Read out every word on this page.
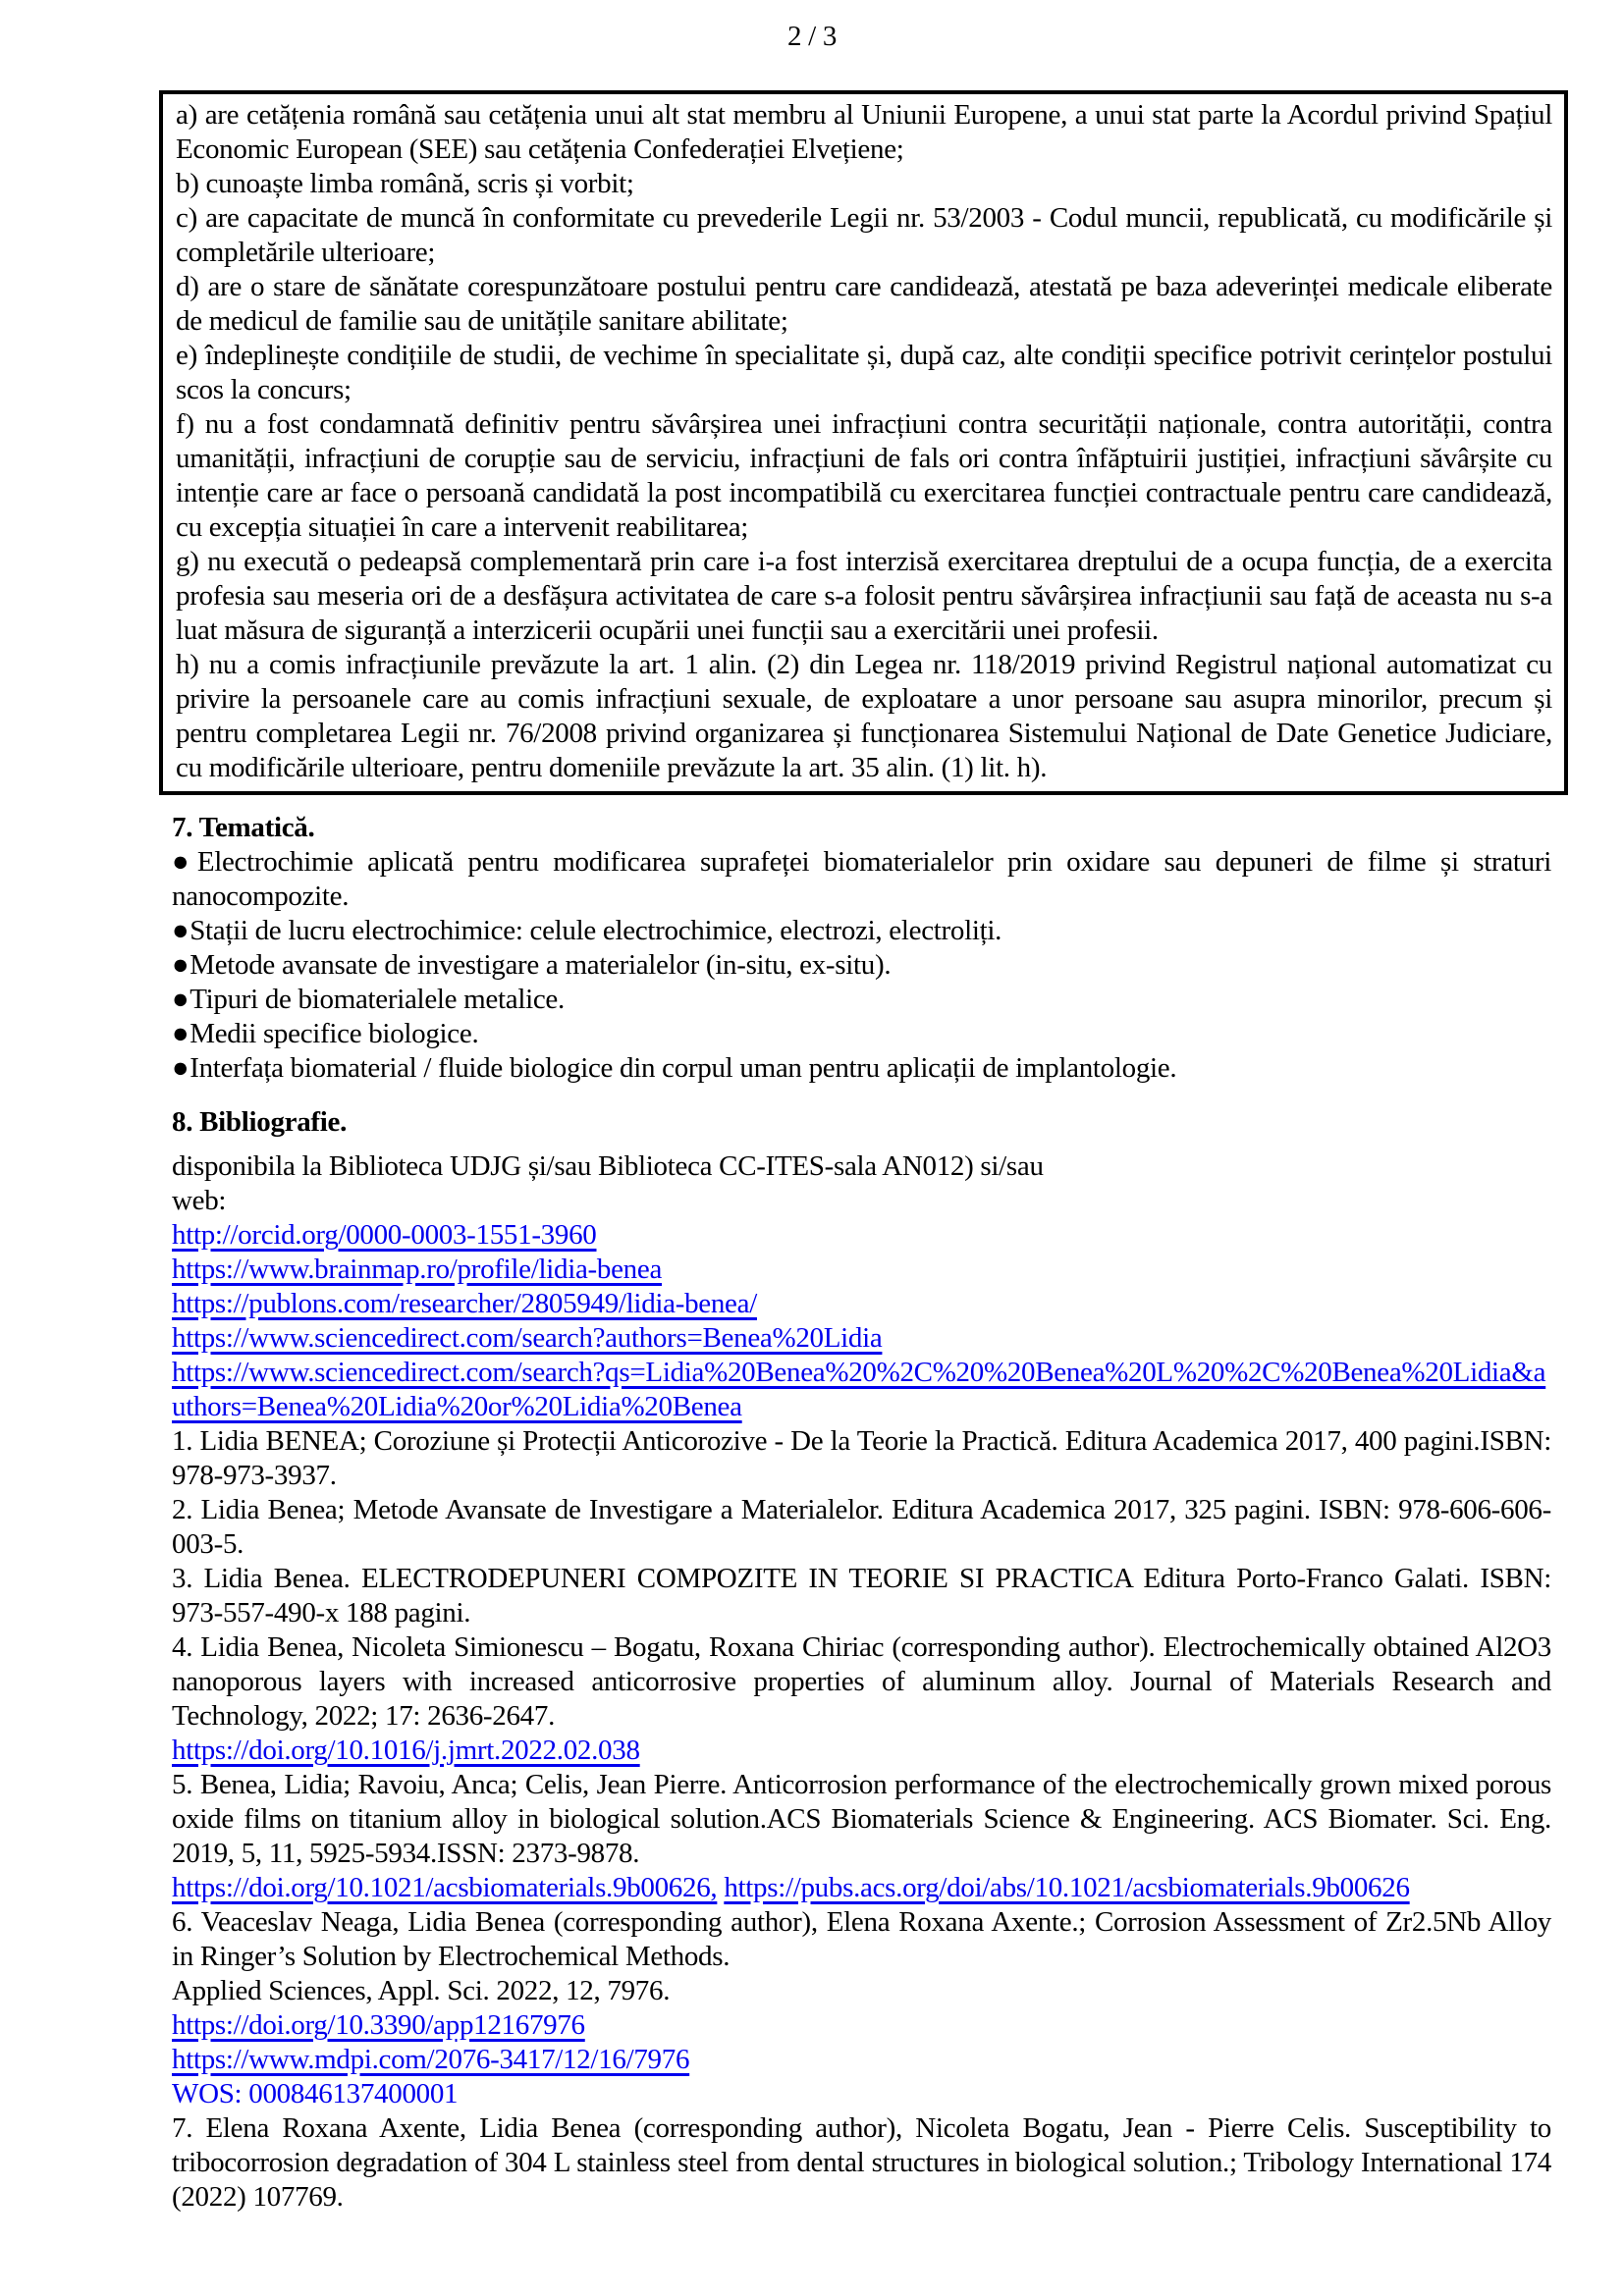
2 / 3

a) are cetățenia română sau cetățenia unui alt stat membru al Uniunii Europene, a unui stat parte la Acordul privind Spațiul Economic European (SEE) sau cetățenia Confederației Elvețiene;

b) cunoaște limba română, scris și vorbit;

c) are capacitate de muncă în conformitate cu prevederile Legii nr. 53/2003 - Codul muncii, republicată, cu modificările și completările ulterioare;

d) are o stare de sănătate corespunzătoare postului pentru care candidează, atestată pe baza adeverinței medicale eliberate de medicul de familie sau de unitățile sanitare abilitate;

e) îndeplinește condițiile de studii, de vechime în specialitate și, după caz, alte condiții specifice potrivit cerințelor postului scos la concurs;

f) nu a fost condamnată definitiv pentru săvârșirea unei infracțiuni contra securității naționale, contra autorității, contra umanității, infracțiuni de corupție sau de serviciu, infracțiuni de fals ori contra înfăptuirii justiției, infracțiuni săvârșite cu intenție care ar face o persoană candidată la post incompatibilă cu exercitarea funcției contractuale pentru care candidează, cu excepția situației în care a intervenit reabilitarea;

g) nu execută o pedeapsă complementară prin care i-a fost interzisă exercitarea dreptului de a ocupa funcția, de a exercita profesia sau meseria ori de a desfășura activitatea de care s-a folosit pentru săvârșirea infracțiunii sau față de aceasta nu s-a luat măsura de siguranță a interzicerii ocupării unei funcții sau a exercitării unei profesii.

h) nu a comis infracțiunile prevăzute la art. 1 alin. (2) din Legea nr. 118/2019 privind Registrul național automatizat cu privire la persoanele care au comis infracțiuni sexuale, de exploatare a unor persoane sau asupra minorilor, precum și pentru completarea Legii nr. 76/2008 privind organizarea și funcționarea Sistemului Național de Date Genetice Judiciare, cu modificările ulterioare, pentru domeniile prevăzute la art. 35 alin. (1) lit. h).

7. Tematică.

●Electrochimie aplicată pentru modificarea suprafeței biomaterialelor prin oxidare sau depuneri de filme și straturi nanocompozite.

●Stații de lucru electrochimice: celule electrochimice, electrozi, electroliți.

●Metode avansate de investigare a materialelor (in-situ, ex-situ).

●Tipuri de biomaterialele metalice.

●Medii specifice biologice.

●Interfața biomaterial / fluide biologice din corpul uman pentru aplicații de implantologie.

8. Bibliografie.

disponibila la Biblioteca UDJG și/sau Biblioteca CC-ITES-sala AN012) si/sau

web:

http://orcid.org/0000-0003-1551-3960

https://www.brainmap.ro/profile/lidia-benea

https://publons.com/researcher/2805949/lidia-benea/

https://www.sciencedirect.com/search?authors=Benea%20Lidia

https://www.sciencedirect.com/search?qs=Lidia%20Benea%20%2C%20%20Benea%20L%20%2C%20Benea%20Lidia&authors=Benea%20Lidia%20or%20Lidia%20Benea

1. Lidia BENEA; Coroziune și Protecții Anticorozive - De la Teorie la Practică. Editura Academica 2017, 400 pagini.ISBN: 978-973-3937.

2. Lidia Benea; Metode Avansate de Investigare a Materialelor. Editura Academica 2017, 325 pagini. ISBN: 978-606-606-003-5.

3. Lidia Benea. ELECTRODEPUNERI COMPOZITE IN TEORIE SI PRACTICA Editura Porto-Franco Galati. ISBN: 973-557-490-x 188 pagini.

4. Lidia Benea, Nicoleta Simionescu – Bogatu, Roxana Chiriac (corresponding author). Electrochemically obtained Al2O3 nanoporous layers with increased anticorrosive properties of aluminum alloy. Journal of Materials Research and Technology, 2022; 17: 2636-2647.

https://doi.org/10.1016/j.jmrt.2022.02.038

5. Benea, Lidia; Ravoiu, Anca; Celis, Jean Pierre. Anticorrosion performance of the electrochemically grown mixed porous oxide films on titanium alloy in biological solution.ACS Biomaterials Science & Engineering. ACS Biomater. Sci. Eng. 2019, 5, 11, 5925-5934.ISSN: 2373-9878.

https://doi.org/10.1021/acsbiomaterials.9b00626, https://pubs.acs.org/doi/abs/10.1021/acsbiomaterials.9b00626

6. Veaceslav Neaga, Lidia Benea (corresponding author), Elena Roxana Axente.; Corrosion Assessment of Zr2.5Nb Alloy in Ringer’s Solution by Electrochemical Methods.

Applied Sciences, Appl. Sci. 2022, 12, 7976.

https://doi.org/10.3390/app12167976

https://www.mdpi.com/2076-3417/12/16/7976

WOS: 000846137400001

7. Elena Roxana Axente, Lidia Benea (corresponding author), Nicoleta Bogatu, Jean - Pierre Celis. Susceptibility to tribocorrosion degradation of 304 L stainless steel from dental structures in biological solution.; Tribology International 174 (2022) 107769.
